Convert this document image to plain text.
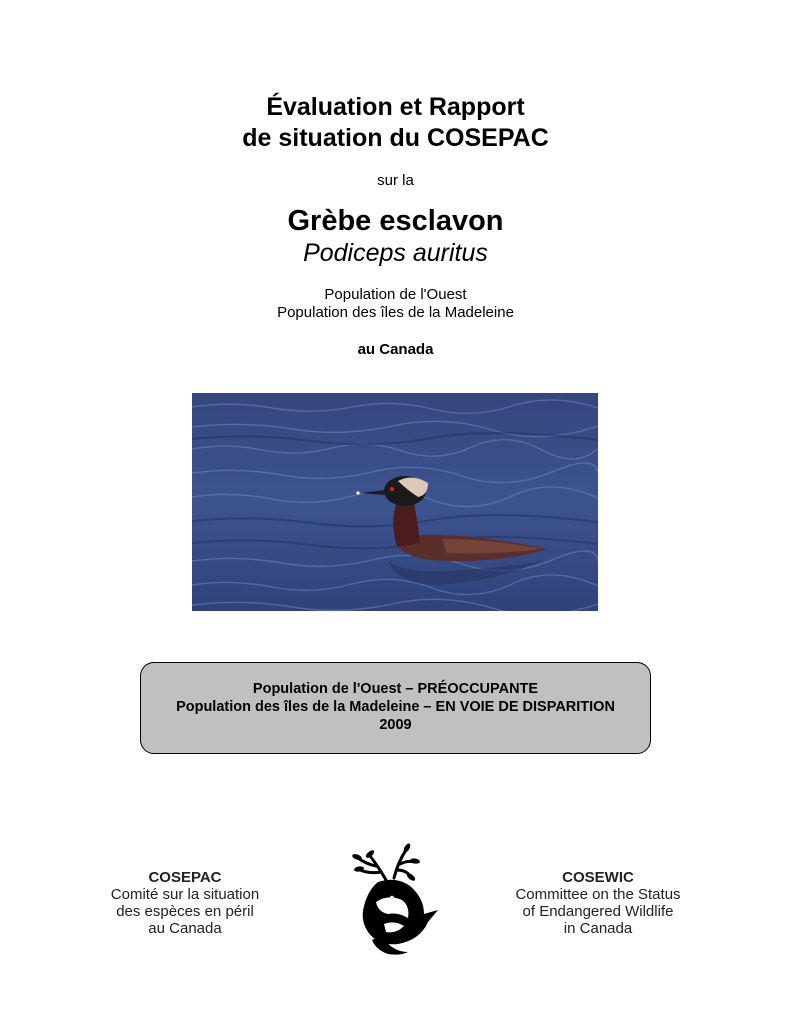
Évaluation et Rapport
de situation du COSEPAC
sur la
Grèbe esclavon
Podiceps auritus
Population de l'Ouest
Population des îles de la Madeleine
au Canada
Population de l'Ouest – PRÉOCCUPANTE
Population des îles de la Madeleine – EN VOIE DE DISPARITION
2009
COSEPAC
Comité sur la situation
des espèces en péril
au Canada
COSEWIC
Committee on the Status
of Endangered Wildlife
in Canada
